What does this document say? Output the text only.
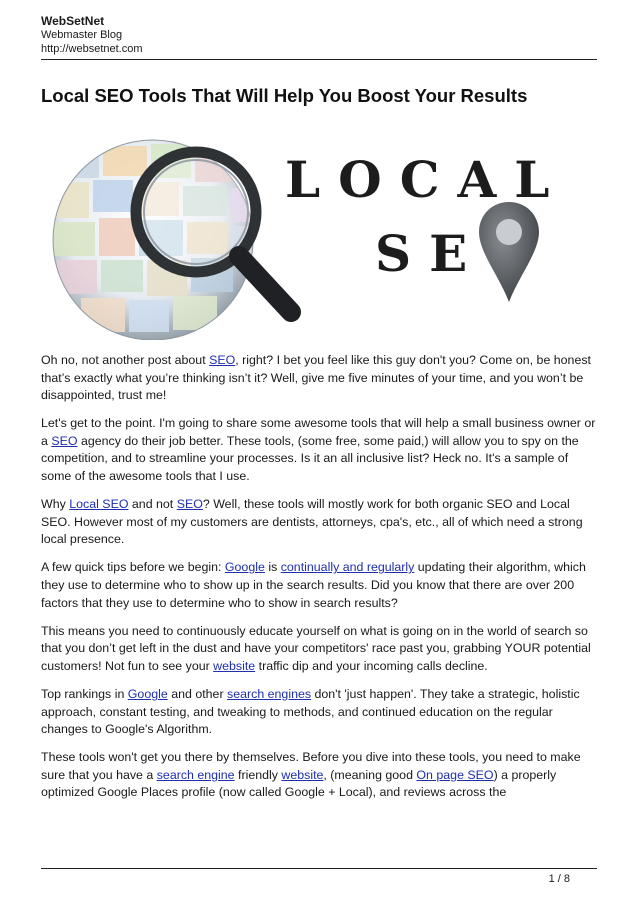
WebSetNet
Webmaster Blog
http://websetnet.com
Local SEO Tools That Will Help You Boost Your Results
LOCAL
SE

Oh no, not another post about SEO, right? I bet you feel like this guy don't you? Come on, be honest that’s exactly what you’re thinking isn’t it? Well, give me five minutes of your time, and you won’t be disappointed, trust me!

Let's get to the point. I'm going to share some awesome tools that will help a small business owner or a SEO agency do their job better. These tools, (some free, some paid,) will allow you to spy on the competition, and to streamline your processes. Is it an all inclusive list? Heck no. It's a sample of some of the awesome tools that I use.

Why Local SEO and not SEO? Well, these tools will mostly work for both organic SEO and Local SEO. However most of my customers are dentists, attorneys, cpa's, etc., all of which need a strong local presence.

A few quick tips before we begin: Google is continually and regularly updating their algorithm, which they use to determine who to show up in the search results. Did you know that there are over 200 factors that they use to determine who to show in search results?

This means you need to continuously educate yourself on what is going on in the world of search so that you don’t get left in the dust and have your competitors' race past you, grabbing YOUR potential customers! Not fun to see your website traffic dip and your incoming calls decline.

Top rankings in Google and other search engines don't 'just happen'. They take a strategic, holistic approach, constant testing, and tweaking to methods, and continued education on the regular changes to Google's Algorithm.

These tools won't get you there by themselves. Before you dive into these tools, you need to make sure that you have a search engine friendly website, (meaning good On page SEO) a properly optimized Google Places profile (now called Google + Local), and reviews across the

1 / 8
